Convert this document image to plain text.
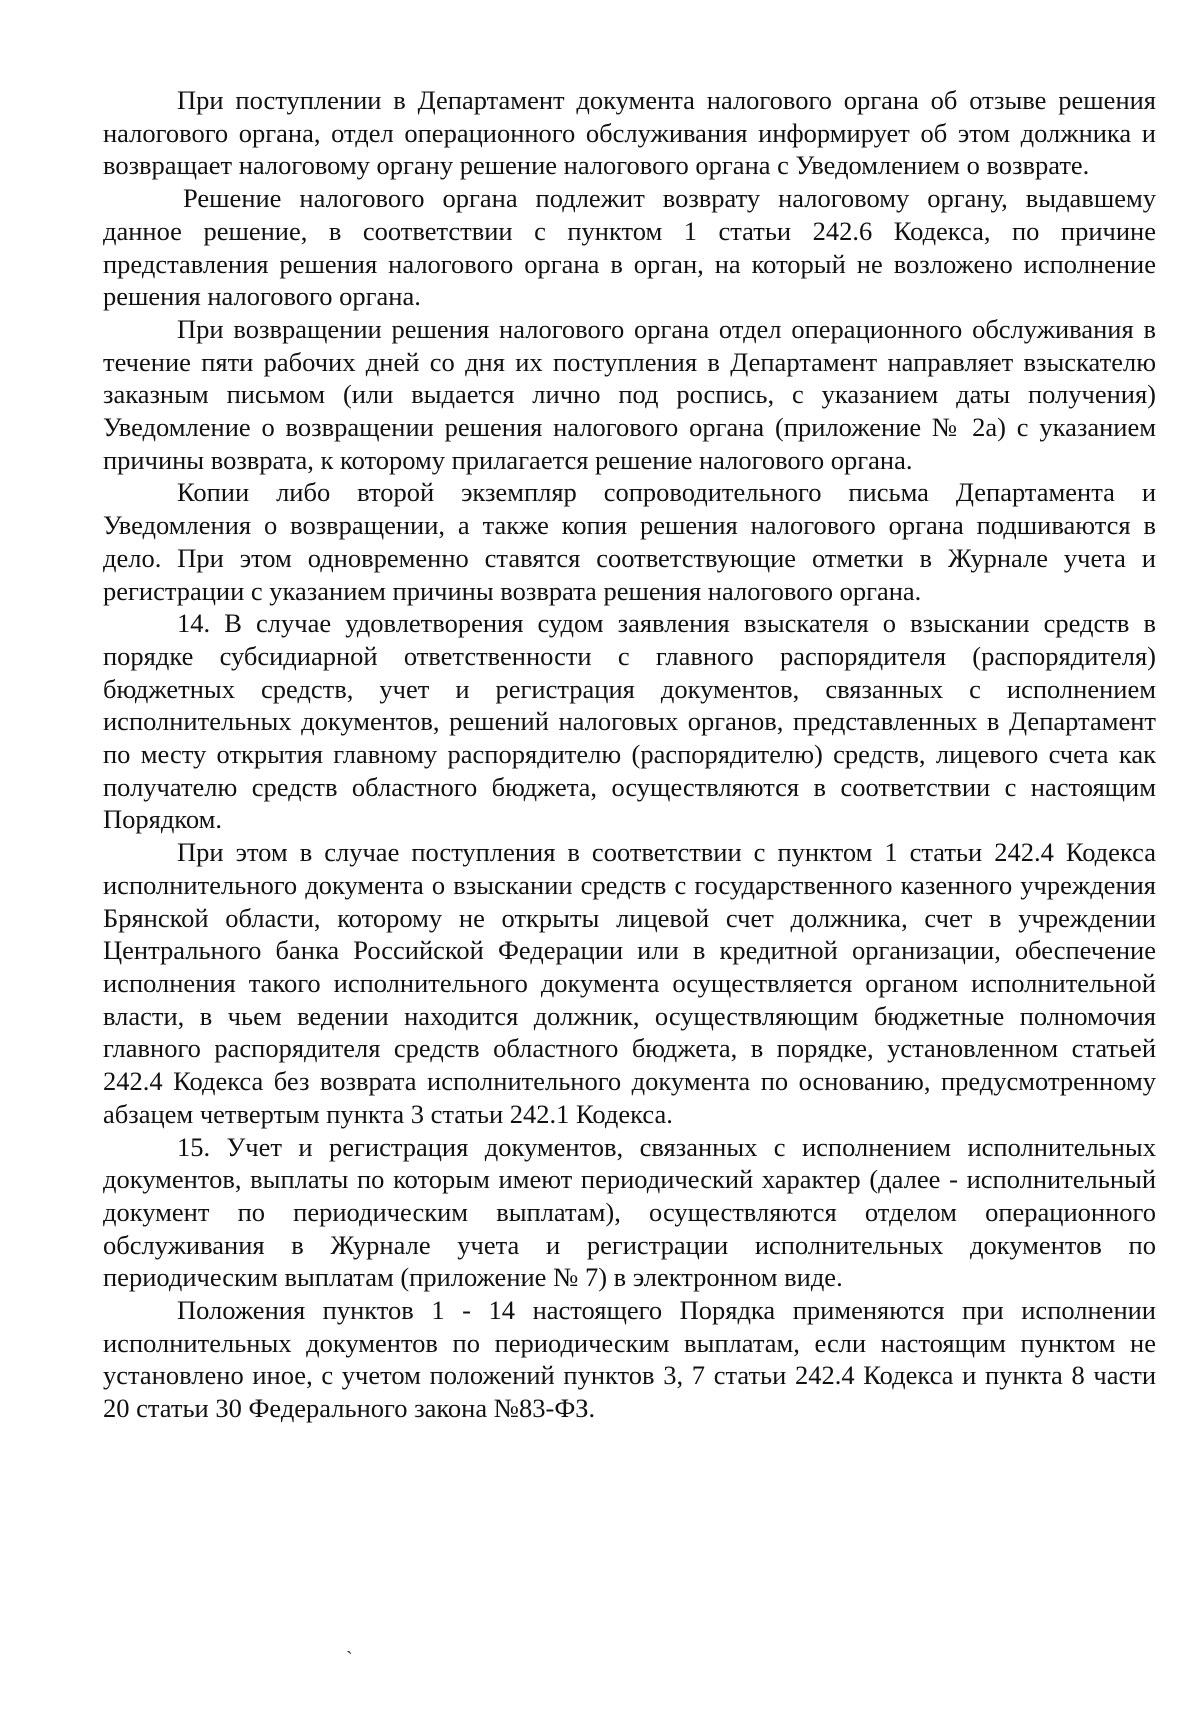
При поступлении в Департамент документа налогового органа об отзыве решения налогового органа, отдел операционного обслуживания информирует об этом должника и возвращает налоговому органу решение налогового органа с Уведомлением о возврате.

Решение налогового органа подлежит возврату налоговому органу, выдавшему данное решение, в соответствии с пунктом 1 статьи 242.6 Кодекса, по причине представления решения налогового органа в орган, на который не возложено исполнение решения налогового органа.

При возвращении решения налогового органа отдел операционного обслуживания в течение пяти рабочих дней со дня их поступления в Департамент направляет взыскателю заказным письмом (или выдается лично под роспись, с указанием даты получения) Уведомление о возвращении решения налогового органа (приложение № 2а) с указанием причины возврата, к которому прилагается решение налогового органа.

Копии либо второй экземпляр сопроводительного письма Департамента и Уведомления о возвращении, а также копия решения налогового органа подшиваются в дело. При этом одновременно ставятся соответствующие отметки в Журнале учета и регистрации с указанием причины возврата решения налогового органа.

14. В случае удовлетворения судом заявления взыскателя о взыскании средств в порядке субсидиарной ответственности с главного распорядителя (распорядителя) бюджетных средств, учет и регистрация документов, связанных с исполнением исполнительных документов, решений налоговых органов, представленных в Департамент по месту открытия главному распорядителю (распорядителю) средств, лицевого счета как получателю средств областного бюджета, осуществляются в соответствии с настоящим Порядком.

При этом в случае поступления в соответствии с пунктом 1 статьи 242.4 Кодекса исполнительного документа о взыскании средств с государственного казенного учреждения Брянской области, которому не открыты лицевой счет должника, счет в учреждении Центрального банка Российской Федерации или в кредитной организации, обеспечение исполнения такого исполнительного документа осуществляется органом исполнительной власти, в чьем ведении находится должник, осуществляющим бюджетные полномочия главного распорядителя средств областного бюджета, в порядке, установленном статьей 242.4 Кодекса без возврата исполнительного документа по основанию, предусмотренному абзацем четвертым пункта 3 статьи 242.1 Кодекса.

15. Учет и регистрация документов, связанных с исполнением исполнительных документов, выплаты по которым имеют периодический характер (далее - исполнительный документ по периодическим выплатам), осуществляются отделом операционного обслуживания в Журнале учета и регистрации исполнительных документов по периодическим выплатам (приложение № 7) в электронном виде.

Положения пунктов 1 - 14 настоящего Порядка применяются при исполнении исполнительных документов по периодическим выплатам, если настоящим пунктом не установлено иное, с учетом положений пунктов 3, 7 статьи 242.4 Кодекса и пункта 8 части 20 статьи 30 Федерального закона №83-ФЗ.

`
